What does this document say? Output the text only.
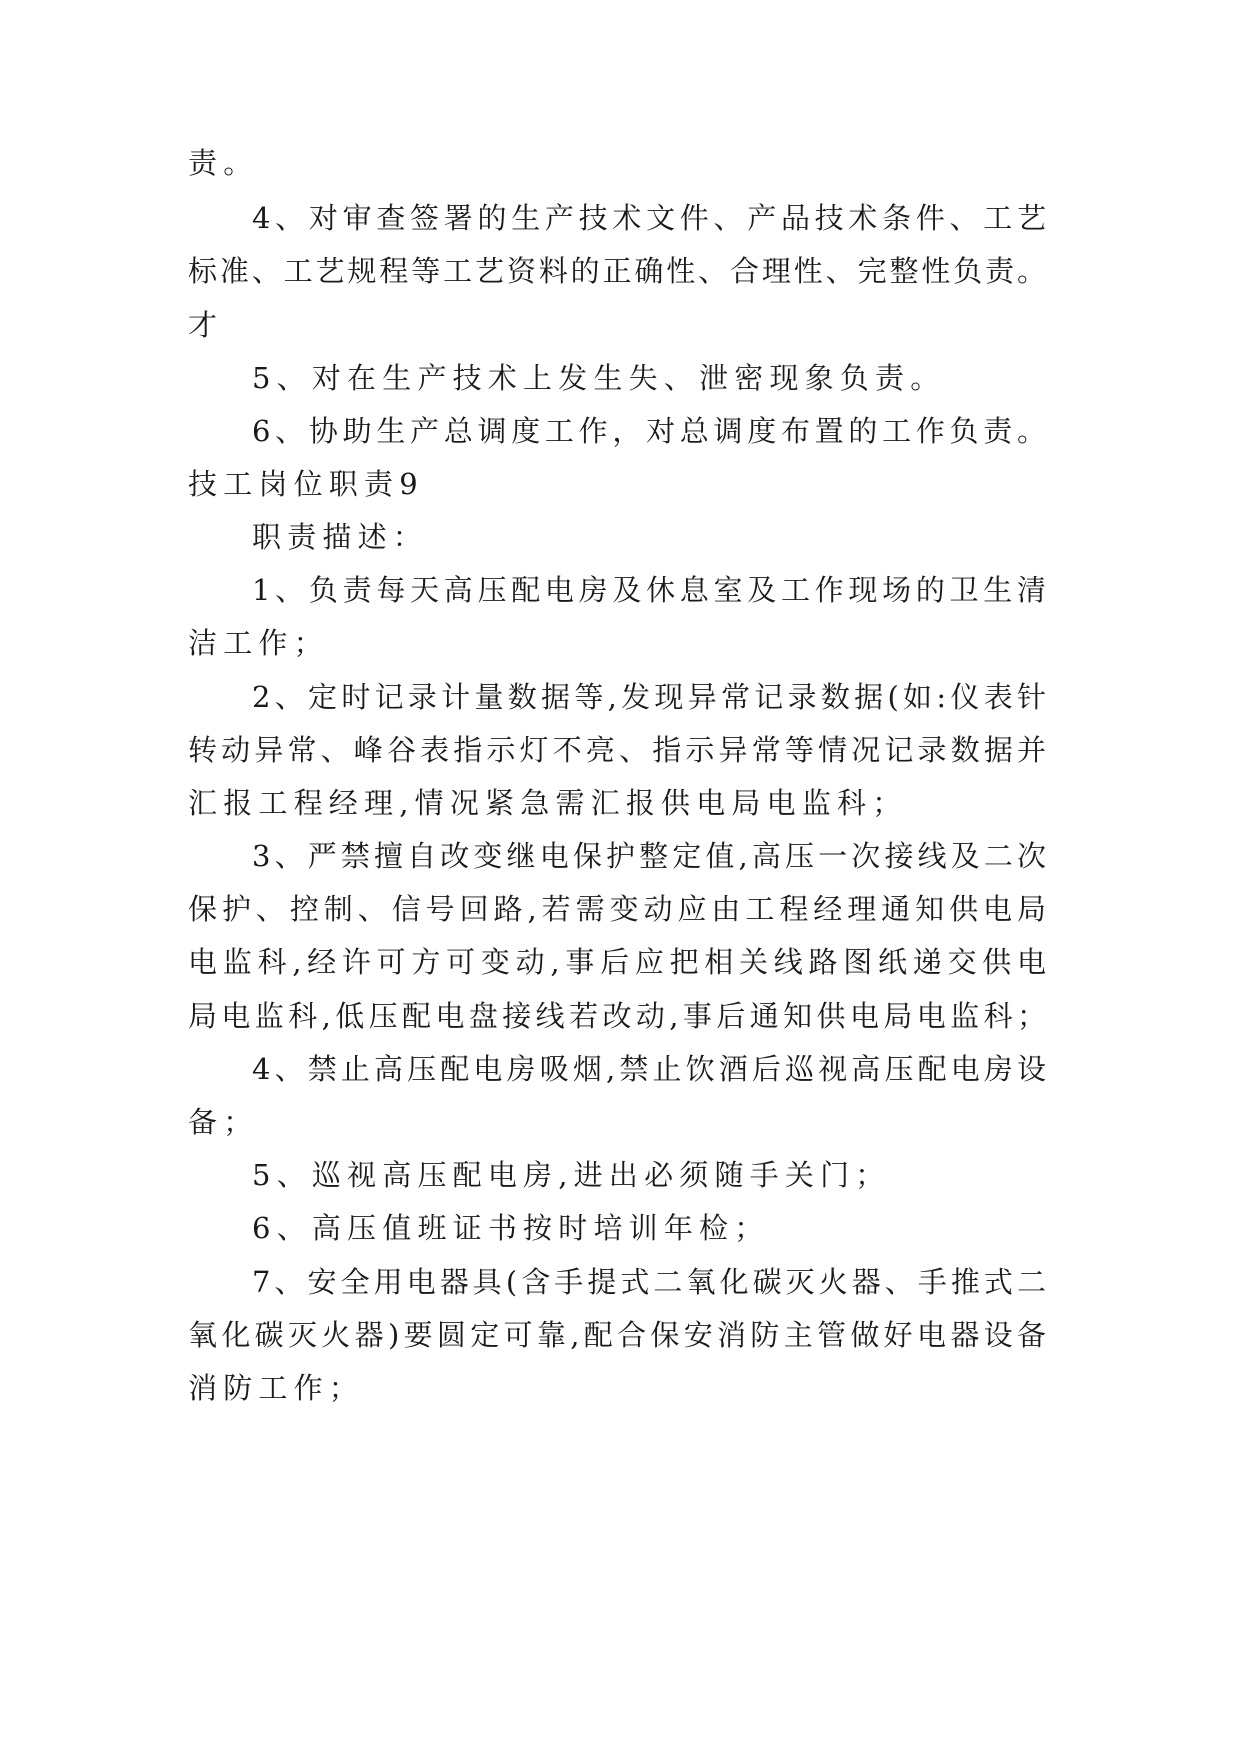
责。
4、对审查签署的生产技术文件、产品技术条件、工艺
标准、工艺规程等工艺资料的正确性、合理性、完整性负责。
才
5、对在生产技术上发生失、泄密现象负责。
6、协助生产总调度工作，对总调度布置的工作负责。
技工岗位职责9
职责描述：
1、负责每天高压配电房及休息室及工作现场的卫生清
洁工作；
2、定时记录计量数据等,发现异常记录数据(如:仪表针
转动异常、峰谷表指示灯不亮、指示异常等情况记录数据并
汇报工程经理,情况紧急需汇报供电局电监科；
3、严禁擅自改变继电保护整定值,高压一次接线及二次
保护、控制、信号回路,若需变动应由工程经理通知供电局
电监科,经许可方可变动,事后应把相关线路图纸递交供电
局电监科,低压配电盘接线若改动,事后通知供电局电监科；
4、禁止高压配电房吸烟,禁止饮酒后巡视高压配电房设
备；
5、巡视高压配电房,进出必须随手关门；
6、高压值班证书按时培训年检；
7、安全用电器具(含手提式二氧化碳灭火器、手推式二
氧化碳灭火器)要圆定可靠,配合保安消防主管做好电器设备
消防工作；
